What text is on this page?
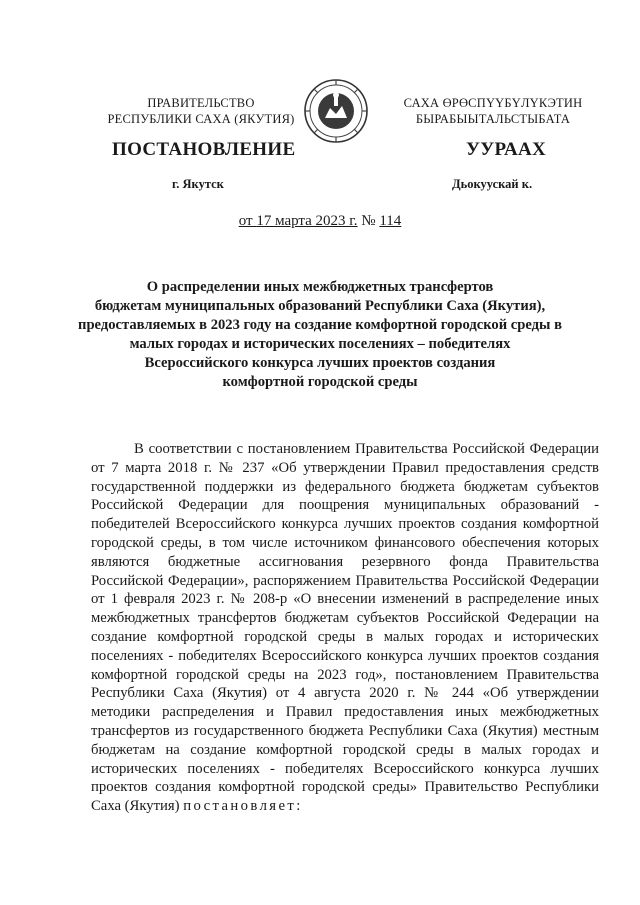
ПРАВИТЕЛЬСТВО
РЕСПУБЛИКИ САХА (ЯКУТИЯ)
САХА ӨРӨСПҮҮБҮЛҮКЭТИН
БЫРАБЫЫТАЛЬСТЫБАТА
ПОСТАНОВЛЕНИЕ	УУРААХ
г. Якутск	Дьокуускай к.
от 17 марта 2023 г. № 114
О распределении иных межбюджетных трансфертов
бюджетам муниципальных образований Республики Саха (Якутия),
предоставляемых в 2023 году на создание комфортной городской среды в
малых городах и исторических поселениях – победителях
Всероссийского конкурса лучших проектов создания
комфортной городской среды

В соответствии с постановлением Правительства Российской Федерации от 7 марта 2018 г. № 237 «Об утверждении Правил предоставления средств государственной поддержки из федерального бюджета бюджетам субъектов Российской Федерации для поощрения муниципальных образований - победителей Всероссийского конкурса лучших проектов создания комфортной городской среды, в том числе источником финансового обеспечения которых являются бюджетные ассигнования резервного фонда Правительства Российской Федерации», распоряжением Правительства Российской Федерации от 1 февраля 2023 г. № 208-р «О внесении изменений в распределение иных межбюджетных трансфертов бюджетам субъектов Российской Федерации на создание комфортной городской среды в малых городах и исторических поселениях - победителях Всероссийского конкурса лучших проектов создания комфортной городской среды на 2023 год», постановлением Правительства Республики Саха (Якутия) от 4 августа 2020 г. № 244 «Об утверждении методики распределения и Правил предоставления иных межбюджетных трансфертов из государственного бюджета Республики Саха (Якутия) местным бюджетам на создание комфортной городской среды в малых городах и исторических поселениях - победителях Всероссийского конкурса лучших проектов создания комфортной городской среды» Правительство Республики Саха (Якутия) постановляет:
